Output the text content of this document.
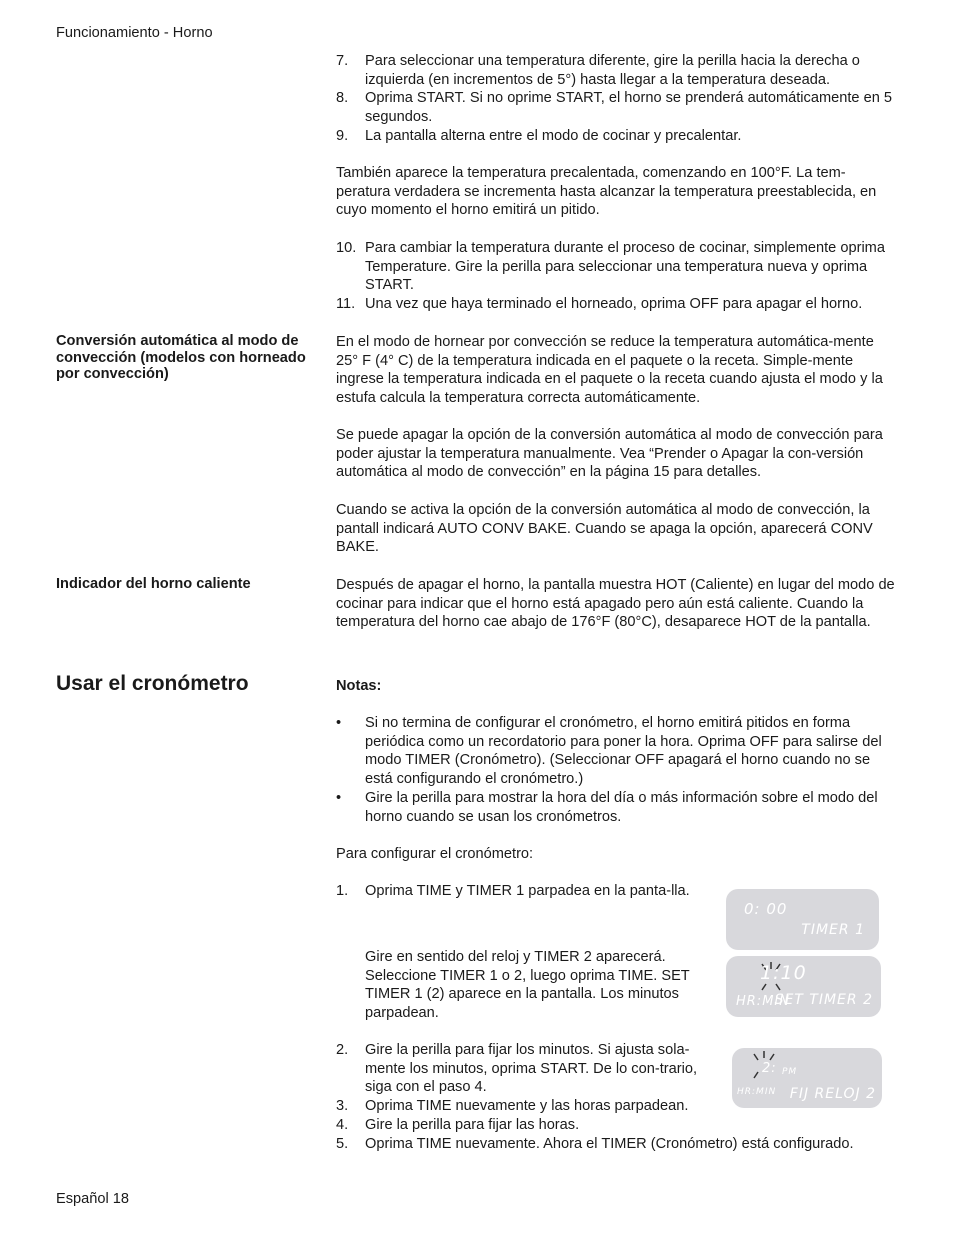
Funcionamiento - Horno
7. Para seleccionar una temperatura diferente, gire la perilla hacia la derecha o izquierda (en incrementos de 5°) hasta llegar a la temperatura deseada.
8. Oprima START. Si no oprime START, el horno se prenderá automáticamente en 5 segundos.
9. La pantalla alterna entre el modo de cocinar y precalentar.
También aparece la temperatura precalentada, comenzando en 100°F. La tem-peratura verdadera se incrementa hasta alcanzar la temperatura preestablecida, en cuyo momento el horno emitirá un pitido.
10. Para cambiar la temperatura durante el proceso de cocinar, simplemente oprima Temperature. Gire la perilla para seleccionar una temperatura nueva y oprima START.
11. Una vez que haya terminado el horneado, oprima OFF para apagar el horno.
Conversión automática al modo de convección (modelos con horneado por convección)
En el modo de hornear por convección se reduce la temperatura automática-mente 25° F (4° C) de la temperatura indicada en el paquete o la receta. Simple-mente ingrese la temperatura indicada en el paquete o la receta cuando ajusta el modo y la estufa calcula la temperatura correcta automáticamente.
Se puede apagar la opción de la conversión automática al modo de convección para poder ajustar la temperatura manualmente. Vea “Prender o Apagar la con-versión automática al modo de convección” en la página 15 para detalles.
Cuando se activa la opción de la conversión automática al modo de convección, la pantall indicará AUTO CONV BAKE. Cuando se apaga la opción, aparecerá CONV BAKE.
Indicador del horno caliente	Después de apagar el horno, la pantalla muestra HOT (Caliente) en lugar del modo de cocinar para indicar que el horno está apagado pero aún está caliente. Cuando la temperatura del horno cae abajo de 176°F (80°C), desaparece HOT de la pantalla.
Usar el cronómetro	Notas:
• Si no termina de configurar el cronómetro, el horno emitirá pitidos en forma periódica como un recordatorio para poner la hora. Oprima OFF para salirse del modo TIMER (Cronómetro). (Seleccionar OFF apagará el horno cuando no se está configurando el cronómetro.)
• Gire la perilla para mostrar la hora del día o más información sobre el modo del horno cuando se usan los cronómetros.
Para configurar el cronómetro:
1. Oprima TIME y TIMER 1 parpadea en la panta-lla.
Gire en sentido del reloj y TIMER 2 aparecerá. Seleccione TIMER 1 o 2, luego oprima TIME. SET TIMER 1 (2) aparece en la pantalla. Los minutos parpadean.
2. Gire la perilla para fijar los minutos. Si ajusta sola-mente los minutos, oprima START. De lo con-trario, siga con el paso 4.
3. Oprima TIME nuevamente y las horas parpadean.
4. Gire la perilla para fijar las horas.
5. Oprima TIME nuevamente. Ahora el TIMER (Cronómetro) está configurado.
0: 00
TIMER 1
1:10
HR:MIN
SET TIMER 2
2: PM
HR:MIN FIJ RELOJ 2
Español 18
